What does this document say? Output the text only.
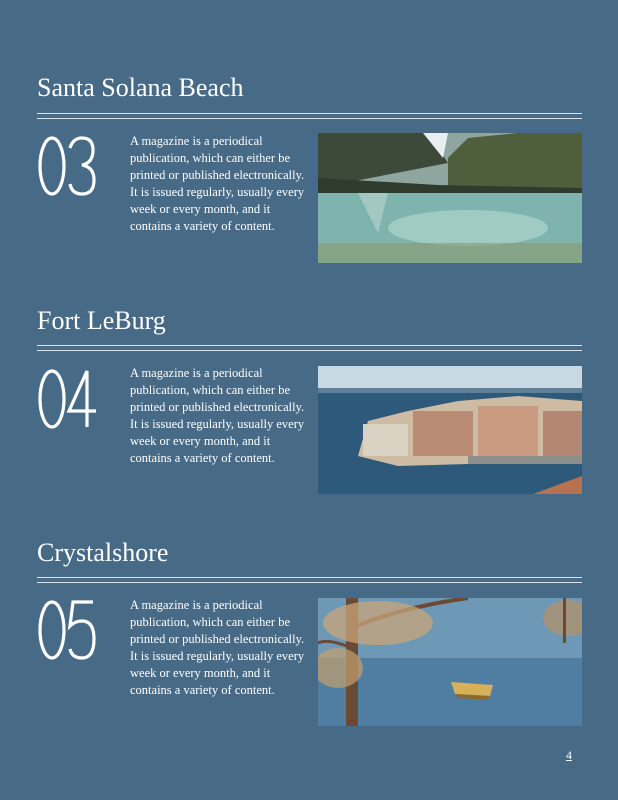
Santa Solana Beach
A magazine is a periodical publication, which can either be printed or published electronically. It is issued regularly, usually every week or every month, and it contains a variety of content.
Fort LeBurg
A magazine is a periodical publication, which can either be printed or published electronically. It is issued regularly, usually every week or every month, and it contains a variety of content.
Crystalshore
A magazine is a periodical publication, which can either be printed or published electronically. It is issued regularly, usually every week or every month, and it contains a variety of content.
4
